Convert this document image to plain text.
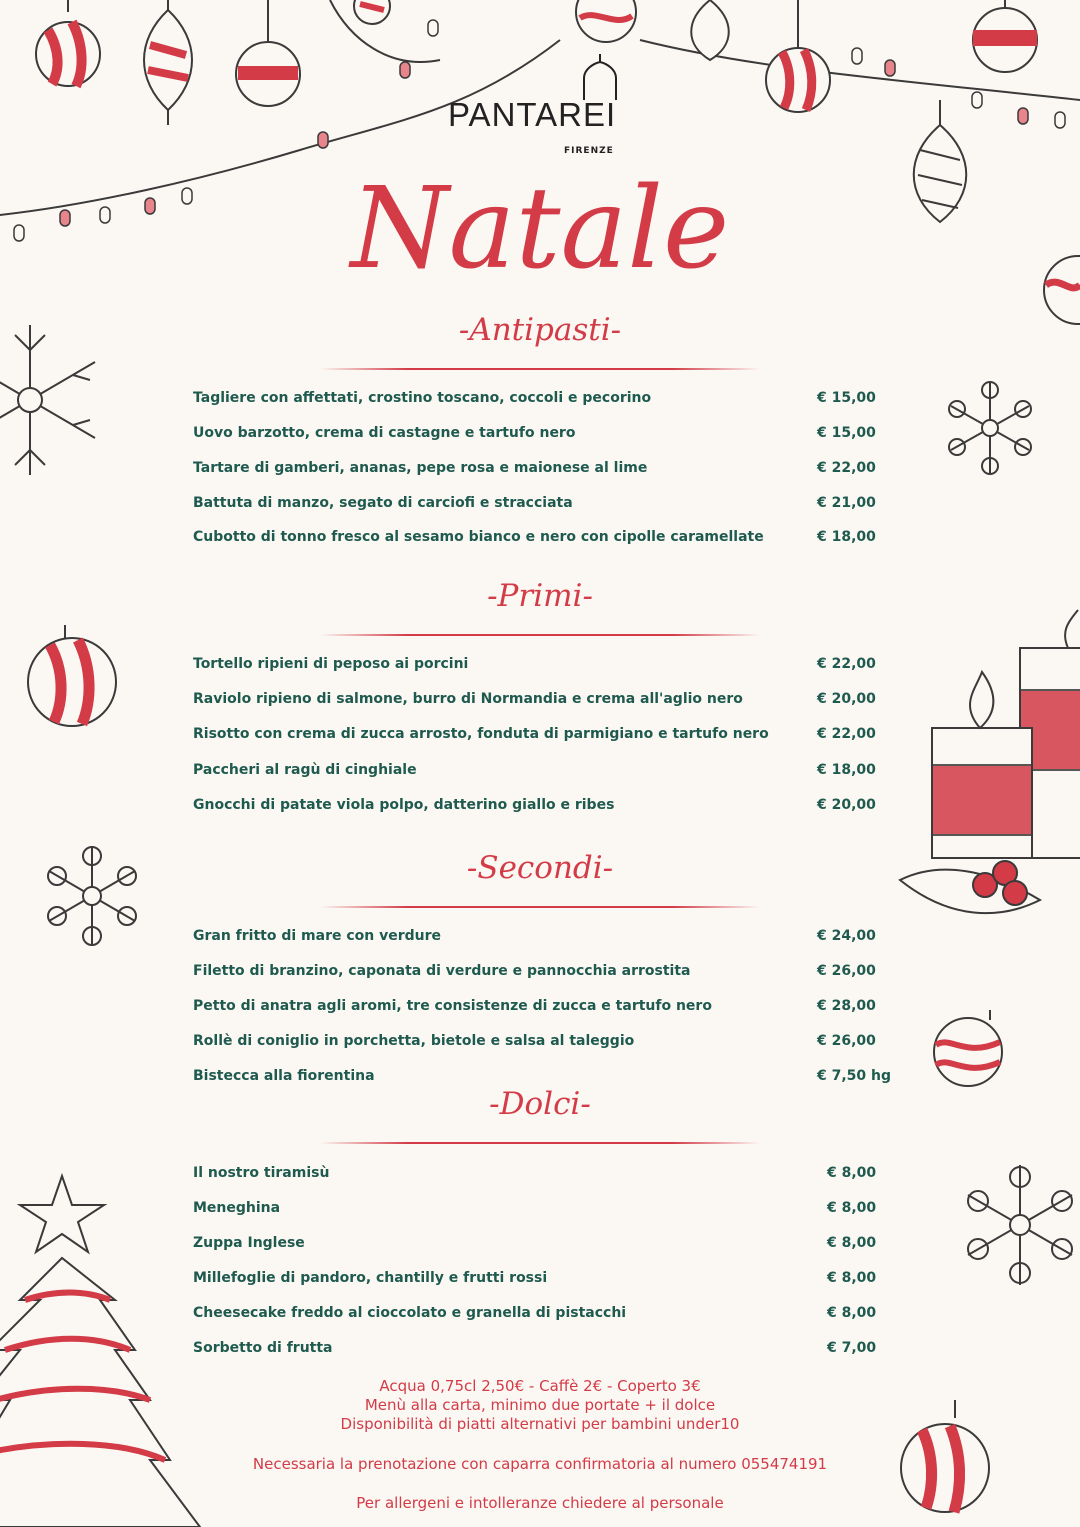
PANTAREI
FIRENZE
Natale
-Antipasti-
Tagliere con affettati, crostino toscano, coccoli e pecorino	€ 15,00
Uovo barzotto, crema di castagne e tartufo nero	€ 15,00
Tartare di gamberi, ananas, pepe rosa e maionese al lime	€ 22,00
Battuta di manzo, segato di carciofi e stracciata	€ 21,00
Cubotto di tonno fresco al sesamo bianco e nero con cipolle caramellate	€ 18,00
-Primi-
Tortello ripieni di peposo ai porcini	€ 22,00
Raviolo ripieno di salmone, burro di Normandia e crema all'aglio nero	€ 20,00
Risotto con crema di zucca arrosto, fonduta di parmigiano e tartufo nero	€ 22,00
Paccheri al ragù di cinghiale	€ 18,00
Gnocchi di patate viola polpo, datterino giallo e ribes	€ 20,00
-Secondi-
Gran fritto di mare con verdure	€ 24,00
Filetto di branzino, caponata di verdure e pannocchia arrostita	€ 26,00
Petto di anatra agli aromi, tre consistenze di zucca e tartufo nero	€ 28,00
Rollè di coniglio in porchetta, bietole e salsa al taleggio	€ 26,00
Bistecca alla fiorentina	€ 7,50 hg
-Dolci-
Il nostro tiramisù	€ 8,00
Meneghina	€ 8,00
Zuppa Inglese	€ 8,00
Millefoglie di pandoro, chantilly e frutti rossi	€ 8,00
Cheesecake freddo al cioccolato e granella di pistacchi	€ 8,00
Sorbetto di frutta	€ 7,00
Acqua 0,75cl 2,50€ - Caffè 2€ - Coperto 3€
Menù alla carta, minimo due portate + il dolce
Disponibilità di piatti alternativi per bambini under10
Necessaria la prenotazione con caparra confirmatoria al numero 055474191
Per allergeni e intolleranze chiedere al personale
